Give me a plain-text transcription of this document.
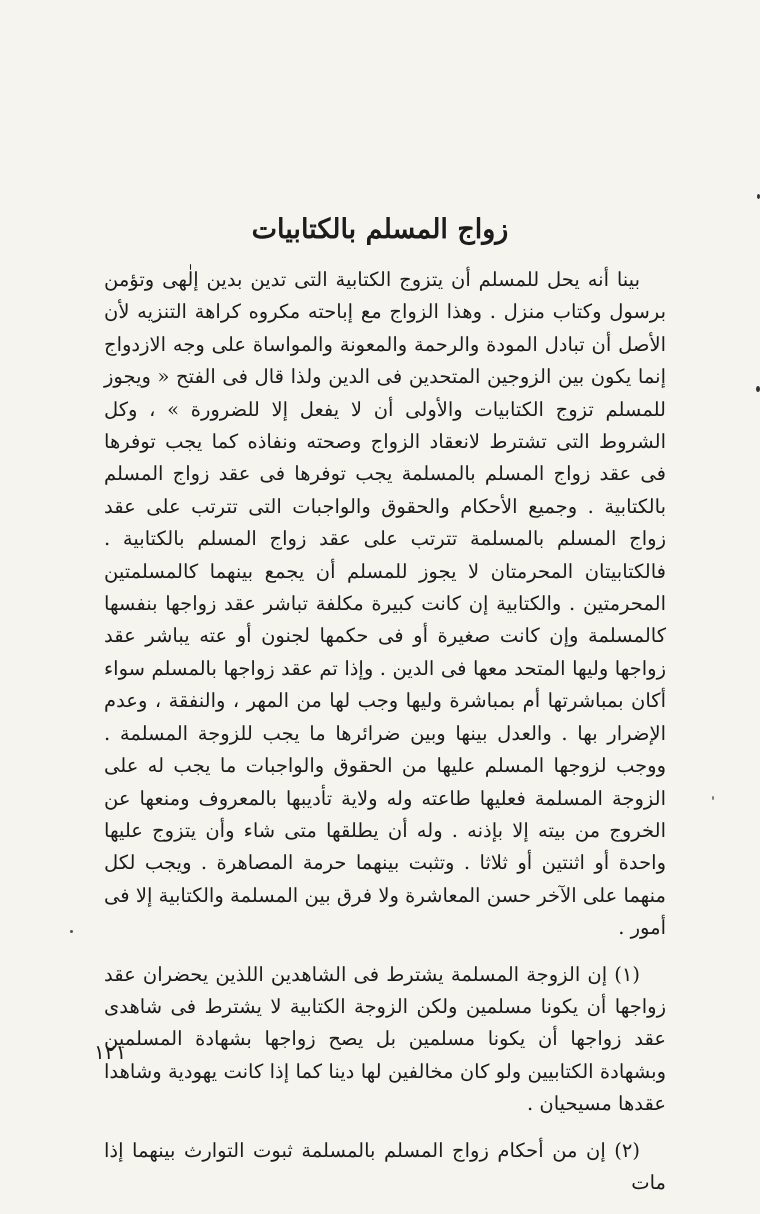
زواج المسلم بالكتابيات

بينا أنه يحل للمسلم أن يتزوج الكتابية التى تدين بدين إلٰهى وتؤمن برسول وكتاب منزل . وهذا الزواج مع إباحته مكروه كراهة التنزيه لأن الأصل أن تبادل المودة والرحمة والمعونة والمواساة على وجه الازدواج إنما يكون بين الزوجين المتحدين فى الدين ولذا قال فى الفتح « ويجوز للمسلم تزوج الكتابيات والأولى أن لا يفعل إلا للضرورة » ، وكل الشروط التى تشترط لانعقاد الزواج وصحته ونفاذه كما يجب توفرها فى عقد زواج المسلم بالمسلمة يجب توفرها فى عقد زواج المسلم بالكتابية . وجميع الأحكام والحقوق والواجبات التى تترتب على عقد زواج المسلم بالمسلمة تترتب على عقد زواج المسلم بالكتابية . فالكتابيتان المحرمتان لا يجوز للمسلم أن يجمع بينهما كالمسلمتين المحرمتين . والكتابية إن كانت كبيرة مكلفة تباشر عقد زواجها بنفسها كالمسلمة وإن كانت صغيرة أو فى حكمها لجنون أو عته يباشر عقد زواجها وليها المتحد معها فى الدين . وإذا تم عقد زواجها بالمسلم سواء أكان بمباشرتها أم بمباشرة وليها وجب لها من المهر ، والنفقة ، وعدم الإضرار بها . والعدل بينها وبين ضرائرها ما يجب للزوجة المسلمة . ووجب لزوجها المسلم عليها من الحقوق والواجبات ما يجب له على الزوجة المسلمة فعليها طاعته وله ولاية تأديبها بالمعروف ومنعها عن الخروج من بيته إلا بإذنه . وله أن يطلقها متى شاء وأن يتزوج عليها واحدة أو اثنتين أو ثلاثا . وتثبت بينهما حرمة المصاهرة . ويجب لكل منهما على الآخر حسن المعاشرة ولا فرق بين المسلمة والكتابية إلا فى أمور .

(١) إن الزوجة المسلمة يشترط فى الشاهدين اللذين يحضران عقد زواجها أن يكونا مسلمين ولكن الزوجة الكتابية لا يشترط فى شاهدى عقد زواجها أن يكونا مسلمين بل يصح زواجها بشهادة المسلمين وبشهادة الكتابيين ولو كان مخالفين لها دينا كما إذا كانت يهودية وشاهدا عقدها مسيحيان .

(٢) إن من أحكام زواج المسلم بالمسلمة ثبوت التوارث بينهما إذا مات

١٢١
